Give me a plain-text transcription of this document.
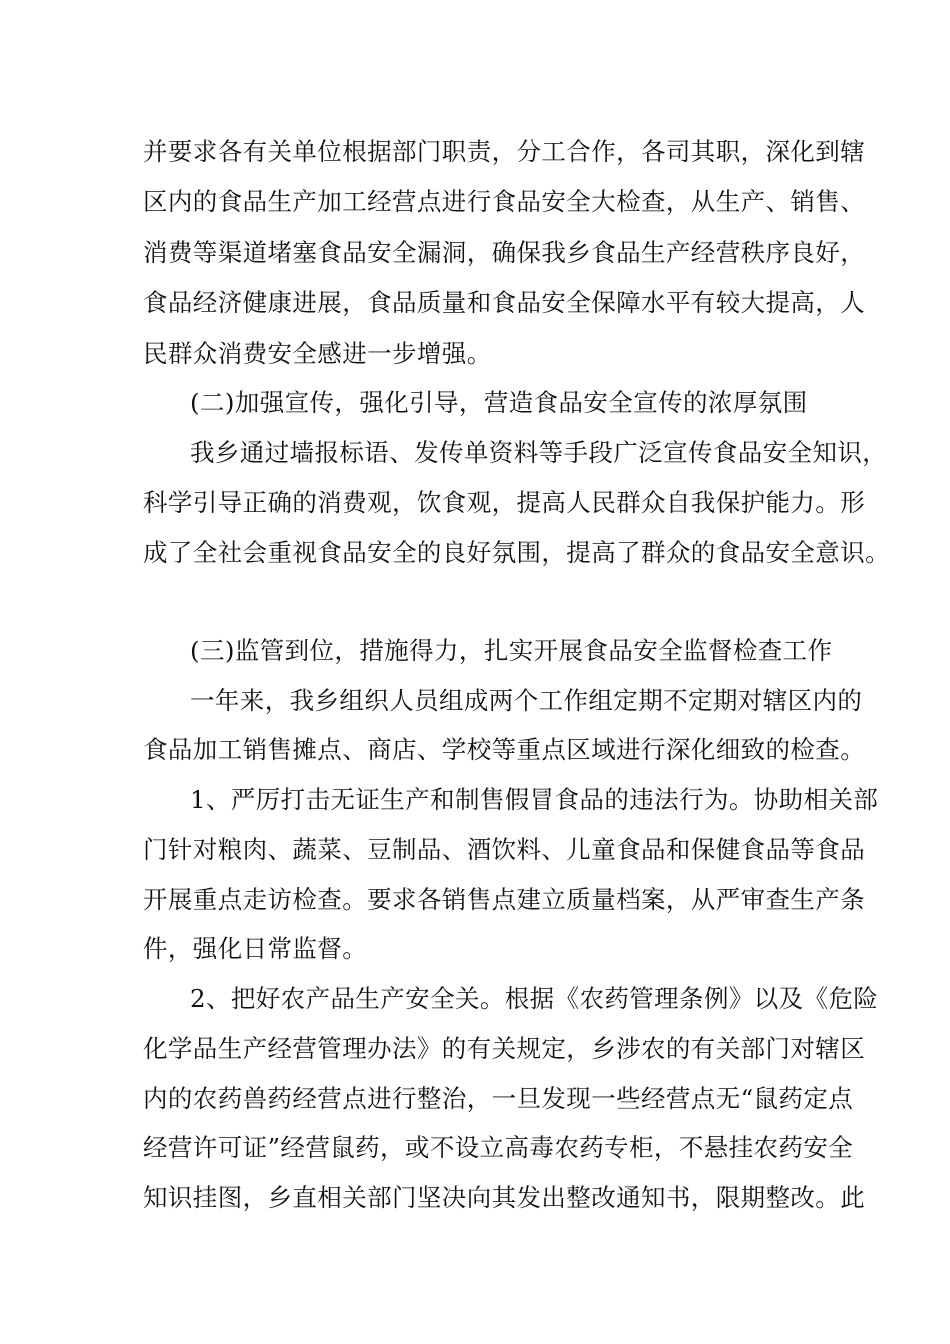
并要求各有关单位根据部门职责，分工合作，各司其职，深化到辖
区内的食品生产加工经营点进行食品安全大检查，从生产、销售、
消费等渠道堵塞食品安全漏洞，确保我乡食品生产经营秩序良好，
食品经济健康进展，食品质量和食品安全保障水平有较大提高，人
民群众消费安全感进一步增强。
(二)加强宣传，强化引导，营造食品安全宣传的浓厚氛围
我乡通过墙报标语、发传单资料等手段广泛宣传食品安全知识，
科学引导正确的消费观，饮食观，提高人民群众自我保护能力。形
成了全社会重视食品安全的良好氛围，提高了群众的食品安全意识。
(三)监管到位，措施得力，扎实开展食品安全监督检查工作
一年来，我乡组织人员组成两个工作组定期不定期对辖区内的
食品加工销售摊点、商店、学校等重点区域进行深化细致的检查。
1、严厉打击无证生产和制售假冒食品的违法行为。协助相关部
门针对粮肉、蔬菜、豆制品、酒饮料、儿童食品和保健食品等食品
开展重点走访检查。要求各销售点建立质量档案，从严审查生产条
件，强化日常监督。
2、把好农产品生产安全关。根据《农药管理条例》以及《危险
化学品生产经营管理办法》的有关规定，乡涉农的有关部门对辖区
内的农药兽药经营点进行整治，一旦发现一些经营点无“鼠药定点
经营许可证”经营鼠药，或不设立高毒农药专柜，不悬挂农药安全
知识挂图，乡直相关部门坚决向其发出整改通知书，限期整改。此
